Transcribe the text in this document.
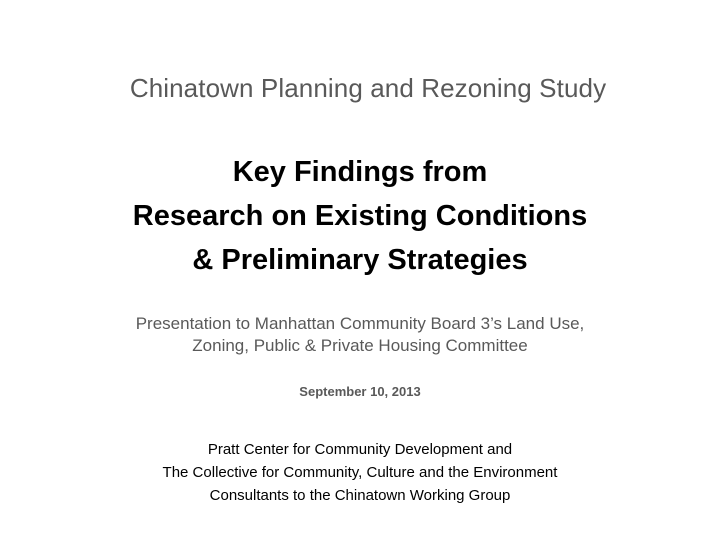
Chinatown Planning and Rezoning Study
Key Findings from
Research on Existing Conditions
& Preliminary Strategies
Presentation to Manhattan Community Board 3’s Land Use,
Zoning, Public & Private Housing Committee
September 10, 2013
Pratt Center for Community Development and
The Collective for Community, Culture and the Environment
Consultants to the Chinatown Working Group
